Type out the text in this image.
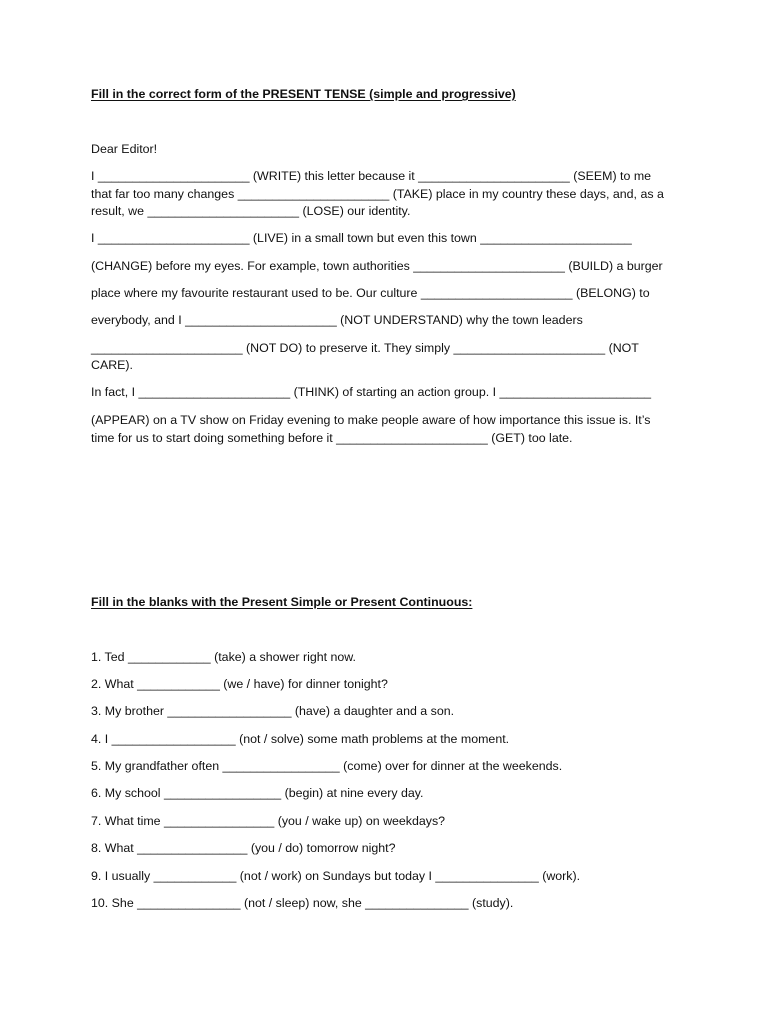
Fill in the correct form of the PRESENT TENSE (simple and progressive)

Dear Editor!

I ______________________ (WRITE) this letter because it ______________________ (SEEM) to me

that far too many changes ______________________ (TAKE) place in my country these days, and, as a

result, we ______________________ (LOSE) our identity.

I ______________________ (LIVE) in a small town but even this town ______________________

(CHANGE) before my eyes. For example, town authorities ______________________ (BUILD) a burger

place where my favourite restaurant used to be. Our culture ______________________ (BELONG) to

everybody, and I ______________________ (NOT UNDERSTAND) why the town leaders

______________________ (NOT DO) to preserve it. They simply ______________________ (NOT

CARE).

In fact, I ______________________ (THINK) of starting an action group. I ______________________

(APPEAR) on a TV show on Friday evening to make people aware of how importance this issue is. It’s

time for us to start doing something before it ______________________ (GET) too late.

Fill in the blanks with the Present Simple or Present Continuous:

1. Ted ____________ (take) a shower right now.

2. What ____________ (we / have) for dinner tonight?

3. My brother __________________ (have) a daughter and a son.

4. I __________________ (not / solve) some math problems at the moment.

5. My grandfather often _________________ (come) over for dinner at the weekends.

6. My school _________________ (begin) at nine every day.

7. What time ________________ (you / wake up) on weekdays?

8. What ________________ (you / do) tomorrow night?

9. I usually ____________ (not / work) on Sundays but today I _______________ (work).

10. She _______________ (not / sleep) now, she _______________ (study).
